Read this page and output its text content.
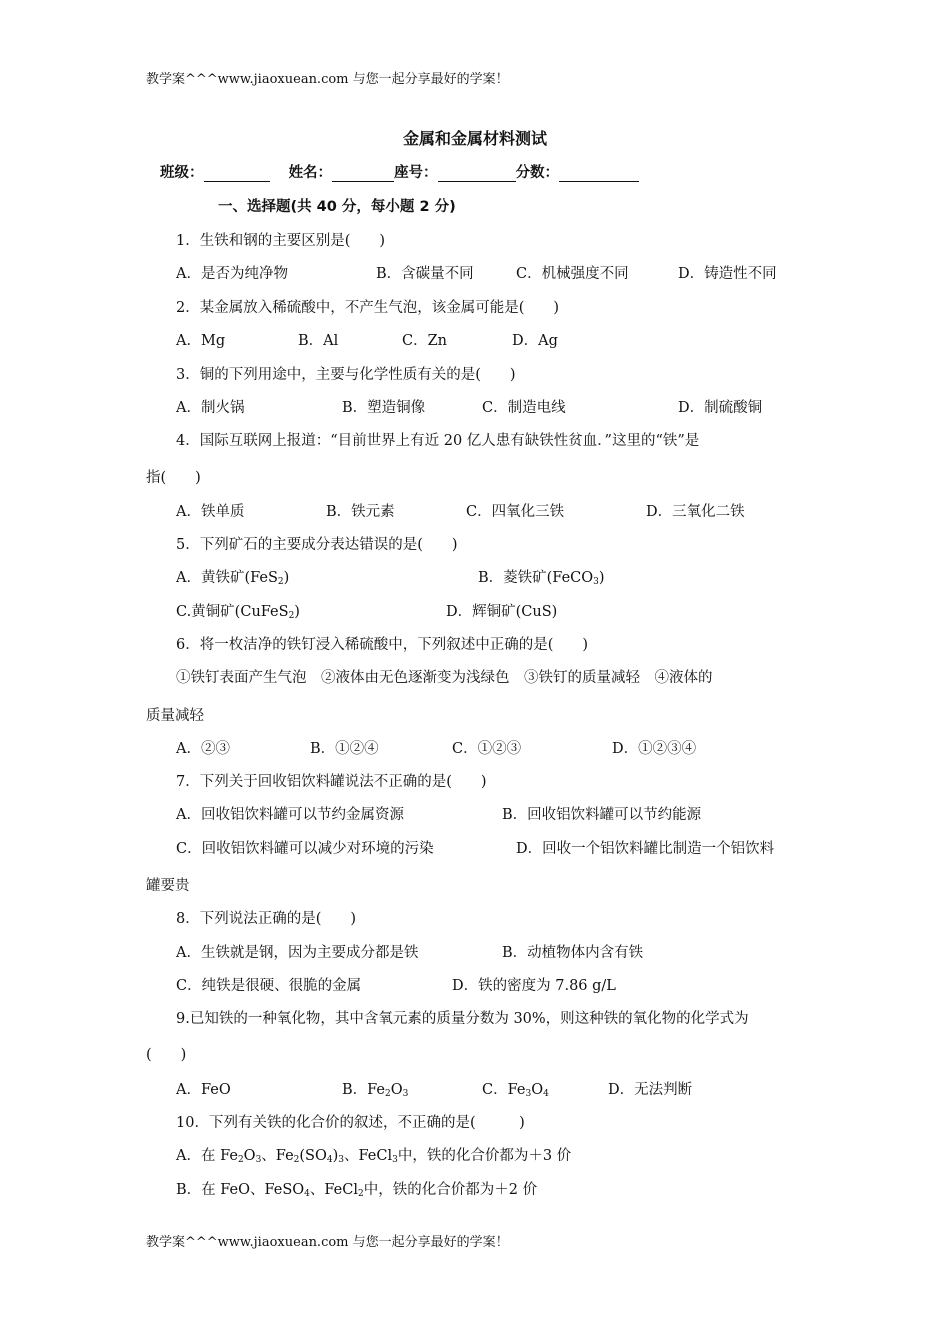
教学案^^^www.jiaoxuean.com 与您一起分享最好的学案！
金属和金属材料测试
班级：	姓名：	座号：	分数：
一、选择题(共 40 分，每小题 2 分)
1．生铁和钢的主要区别是(　　)
A．是否为纯净物	B．含碳量不同	C．机械强度不同	D．铸造性不同
2．某金属放入稀硫酸中，不产生气泡，该金属可能是(　　)
A．Mg	B．Al	C．Zn	D．Ag
3．铜的下列用途中，主要与化学性质有关的是(　　)
A．制火锅	B．塑造铜像	C．制造电线	D．制硫酸铜
4．国际互联网上报道：“目前世界上有近 20 亿人患有缺铁性贫血．”这里的“铁”是
指(　　)
A．铁单质	B．铁元素	C．四氧化三铁	D．三氧化二铁
5．下列矿石的主要成分表达错误的是(　　)
A．黄铁矿(FeS$_2$)	B．菱铁矿(FeCO$_3$)
C.黄铜矿(CuFeS$_2$)	D．辉铜矿(CuS)
6．将一枚洁净的铁钉浸入稀硫酸中，下列叙述中正确的是(　　)
①铁钉表面产生气泡　②液体由无色逐渐变为浅绿色　③铁钉的质量减轻　④液体的
质量减轻
A．②③	B．①②④	C．①②③	D．①②③④
7．下列关于回收铝饮料罐说法不正确的是(　　)
A．回收铝饮料罐可以节约金属资源	B．回收铝饮料罐可以节约能源
C．回收铝饮料罐可以减少对环境的污染	D．回收一个铝饮料罐比制造一个铝饮料
罐要贵
8．下列说法正确的是(　　)
A．生铁就是钢，因为主要成分都是铁	B．动植物体内含有铁
C．纯铁是很硬、很脆的金属	D．铁的密度为 7.86 g/L
9.已知铁的一种氧化物，其中含氧元素的质量分数为 30%，则这种铁的氧化物的化学式为
(　　)
A．FeO	B．$Fe_2O_3$	C．$Fe_3O_4$	D．无法判断
10．下列有关铁的化合价的叙述，不正确的是(　　　)
A．在 $Fe_2O_3$、$Fe_2(SO_4)_3$、FeCl$_3$中，铁的化合价都为＋3 价
B．在 FeO、FeSO$_4$、FeCl$_2$中，铁的化合价都为＋2 价
教学案^^^www.jiaoxuean.com 与您一起分享最好的学案！
